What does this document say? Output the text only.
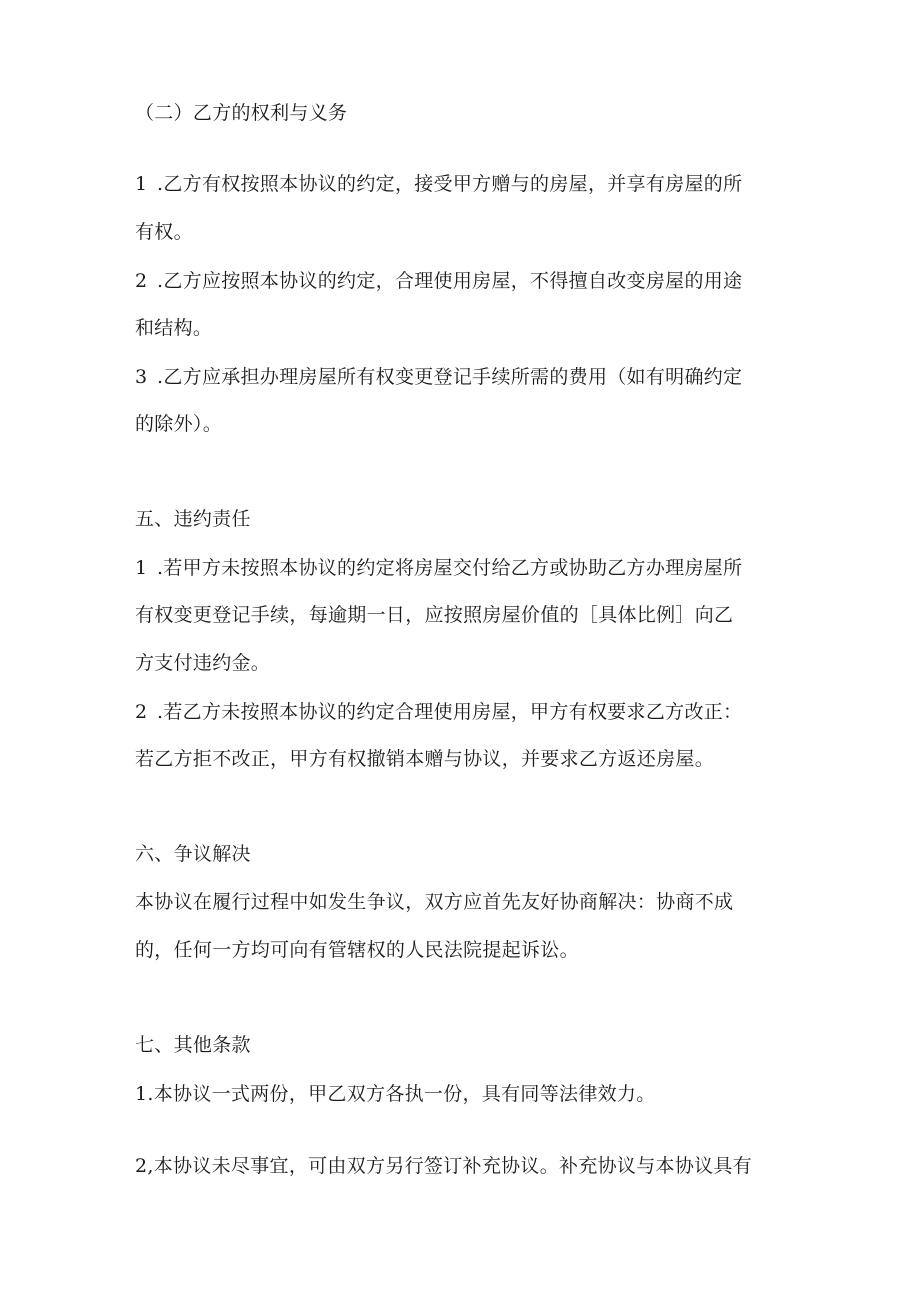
（二）乙方的权利与义务
1 .乙方有权按照本协议的约定，接受甲方赠与的房屋，并享有房屋的所
有权。
2 .乙方应按照本协议的约定，合理使用房屋，不得擅自改变房屋的用途
和结构。
3 .乙方应承担办理房屋所有权变更登记手续所需的费用（如有明确约定
的除外）。
五、违约责任
1 .若甲方未按照本协议的约定将房屋交付给乙方或协助乙方办理房屋所
有权变更登记手续，每逾期一日，应按照房屋价值的［具体比例］向乙
方支付违约金。
2 .若乙方未按照本协议的约定合理使用房屋，甲方有权要求乙方改正：
若乙方拒不改正，甲方有权撤销本赠与协议，并要求乙方返还房屋。
六、争议解决
本协议在履行过程中如发生争议，双方应首先友好协商解决：协商不成
的，任何一方均可向有管辖权的人民法院提起诉讼。
七、其他条款
1.本协议一式两份，甲乙双方各执一份，具有同等法律效力。
2,本协议未尽事宜，可由双方另行签订补充协议。补充协议与本协议具有
